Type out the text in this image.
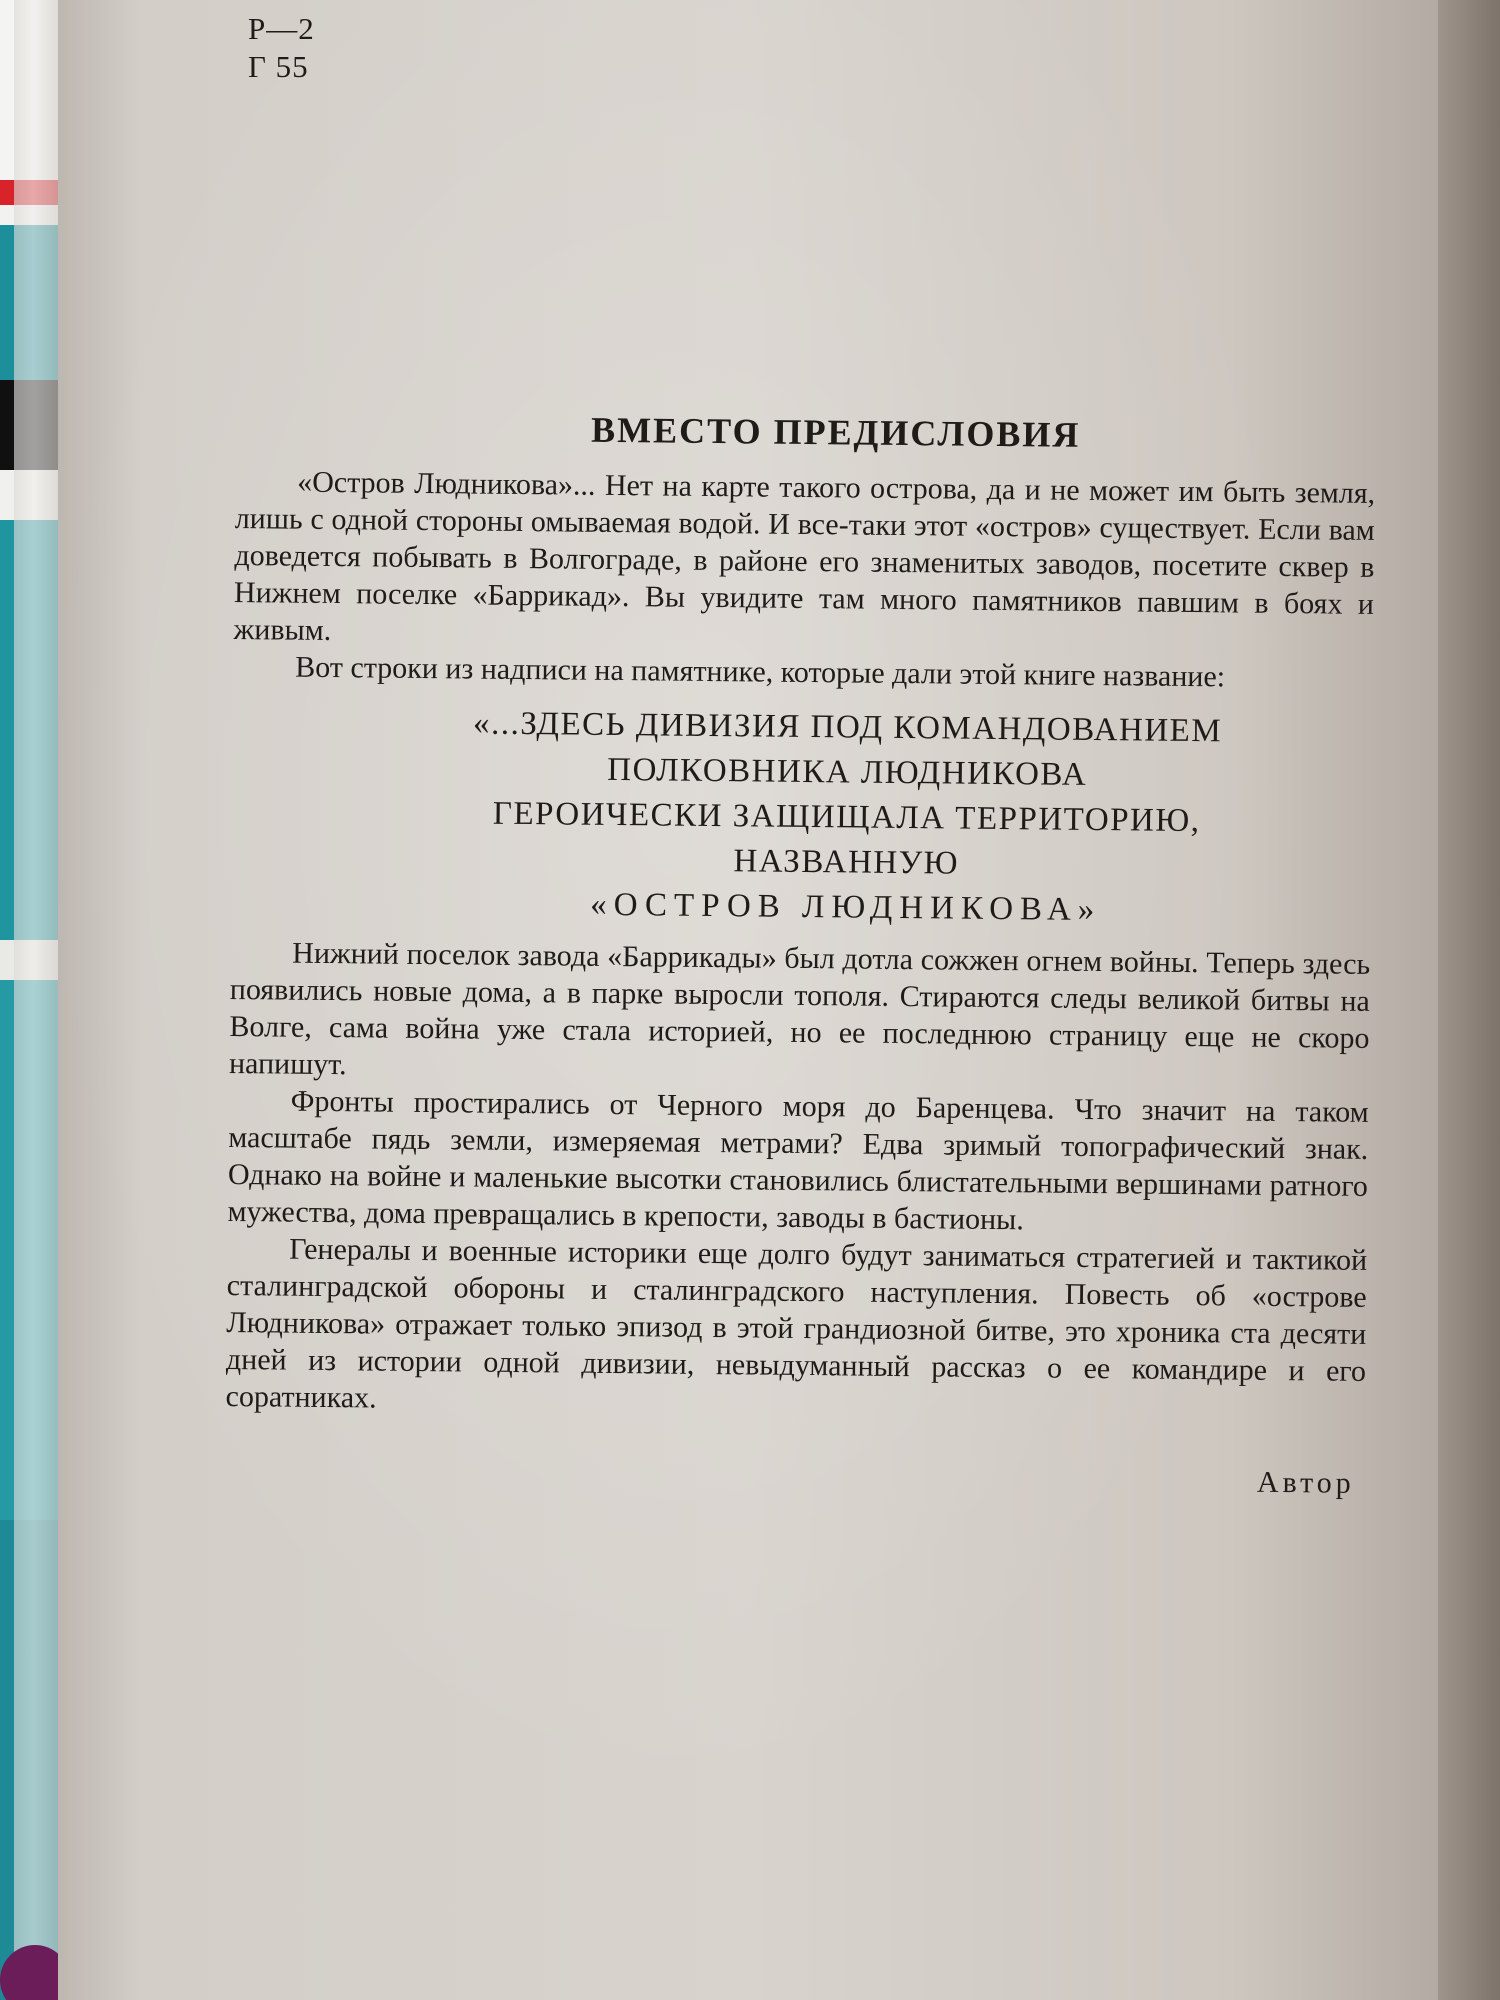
Р—2
Г 55
ВМЕСТО ПРЕДИСЛОВИЯ

«Остров Людникова»... Нет на карте такого острова, да и не может им быть земля, лишь с одной стороны омываемая водой. И все-таки этот «остров» существует. Если вам доведется побывать в Волгограде, в районе его знаменитых заводов, посетите сквер в Нижнем поселке «Баррикад». Вы увидите там много памятников павшим в боях и живым.

Вот строки из надписи на памятнике, которые дали этой книге название:

«...ЗДЕСЬ ДИВИЗИЯ ПОД КОМАНДОВАНИЕМ
ПОЛКОВНИКА ЛЮДНИКОВА
ГЕРОИЧЕСКИ ЗАЩИЩАЛА ТЕРРИТОРИЮ,
НАЗВАННУЮ
«ОСТРОВ ЛЮДНИКОВА»

Нижний поселок завода «Баррикады» был дотла сожжен огнем войны. Теперь здесь появились новые дома, а в парке выросли тополя. Стираются следы великой битвы на Волге, сама война уже стала историей, но ее последнюю страницу еще не скоро напишут.

Фронты простирались от Черного моря до Баренцева. Что значит на таком масштабе пядь земли, измеряемая метрами? Едва зримый топографический знак. Однако на войне и маленькие высотки становились блистательными вершинами ратного мужества, дома превращались в крепости, заводы в бастионы.

Генералы и военные историки еще долго будут заниматься стратегией и тактикой сталинградской обороны и сталинградского наступления. Повесть об «острове Людникова» отражает только эпизод в этой грандиозной битве, это хроника ста десяти дней из истории одной дивизии, невыдуманный рассказ о ее командире и его соратниках.

Автор
